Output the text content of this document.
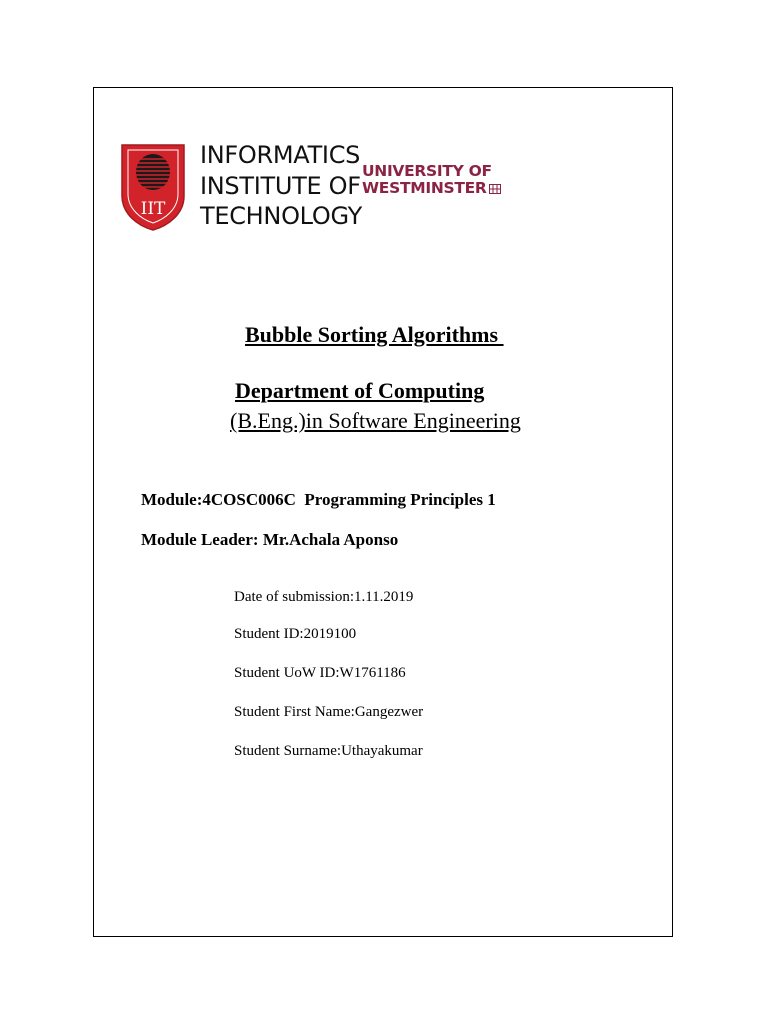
IIT
INFORMATICS
INSTITUTE OF
TECHNOLOGY
UNIVERSITY OF
WESTMINSTER
Bubble Sorting Algorithms
Department of Computing
(B.Eng.)in Software Engineering
Module:4COSC006C  Programming Principles 1
Module Leader: Mr.Achala Aponso
Date of submission:1.11.2019
Student ID:2019100
Student UoW ID:W1761186
Student First Name:Gangezwer
Student Surname:Uthayakumar
